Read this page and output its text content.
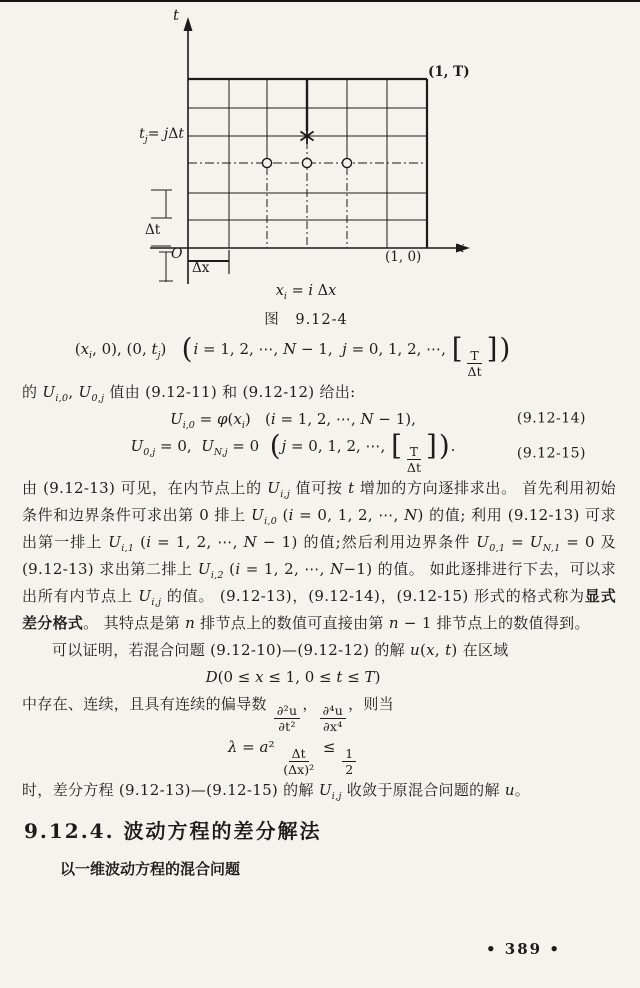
t
x
(1, T)
(1, 0)
$t_j= j\Delta t$
Δt
O
Δx
$x_i = i$ Δx
图 9.12-4
($x_i$, 0), (0, $t_j$)   (i = 1, 2, ⋯, N − 1,  j = 0, 1, 2, ⋯, [ $\frac{T}{\Delta t}$ ])

的 $U_{i,0}$, $U_{0,j}$ 值由 (9.12-11) 和 (9.12-12) 给出:

$U_{i,0} = \varphi(x_i) (i = 1$, 2, ⋯, N − 1),	(9.12-14)
$U_{0,j} = 0$,  $U_{N,j} = 0$  (j = 0, 1, 2, ⋯, [ $\frac{T}{\Delta t}$ ]).	(9.12-15)

由 (9.12-13) 可见，在内节点上的 $U_{i,j}$ 值可按 t 增加的方向逐排求出。 首先利用初始条件和边界条件可求出第 0 排上 $U_{i,0}$ (i = 0, 1, 2, ⋯, N) 的值; 利用 (9.12-13) 可求出第一排上 $U_{i,1}$ (i = 1, 2, ⋯, N − 1) 的值;然后利用边界条件 $U_{0,1} = U_{N,1} = 0$ 及 (9.12-13) 求出第二排上 $U_{i,2}$ (i = 1, 2, ⋯, N−1) 的值。 如此逐排进行下去，可以求出所有内节点上 $U_{i,j}$ 的值。 (9.12-13)，(9.12-14)，(9.12-15) 形式的格式称为显式差分格式。 其特点是第 n 排节点上的数值可直接由第 n − 1 排节点上的数值得到。

可以证明，若混合问题 (9.12-10)—(9.12-12) 的解 u(x, t) 在区域

D(0 ≤ x ≤ 1, 0 ≤ t ≤ T)

中存在、连续，且具有连续的偏导数 $\frac{\text{∂²u}}{\text{∂t²}}$ ， $\frac{\text{∂⁴u}}{\text{∂x⁴}}$ ，则当

$\lambda = a^2 \frac{\Delta t}{\text{(Δx)²}} \le \frac{1}{2}$

时，差分方程 (9.12-13)—(9.12-15) 的解 $U_{i,j}$ 收敛于原混合问题的解 u。

9.12.4. 波动方程的差分解法

以一维波动方程的混合问题

• 389 •
